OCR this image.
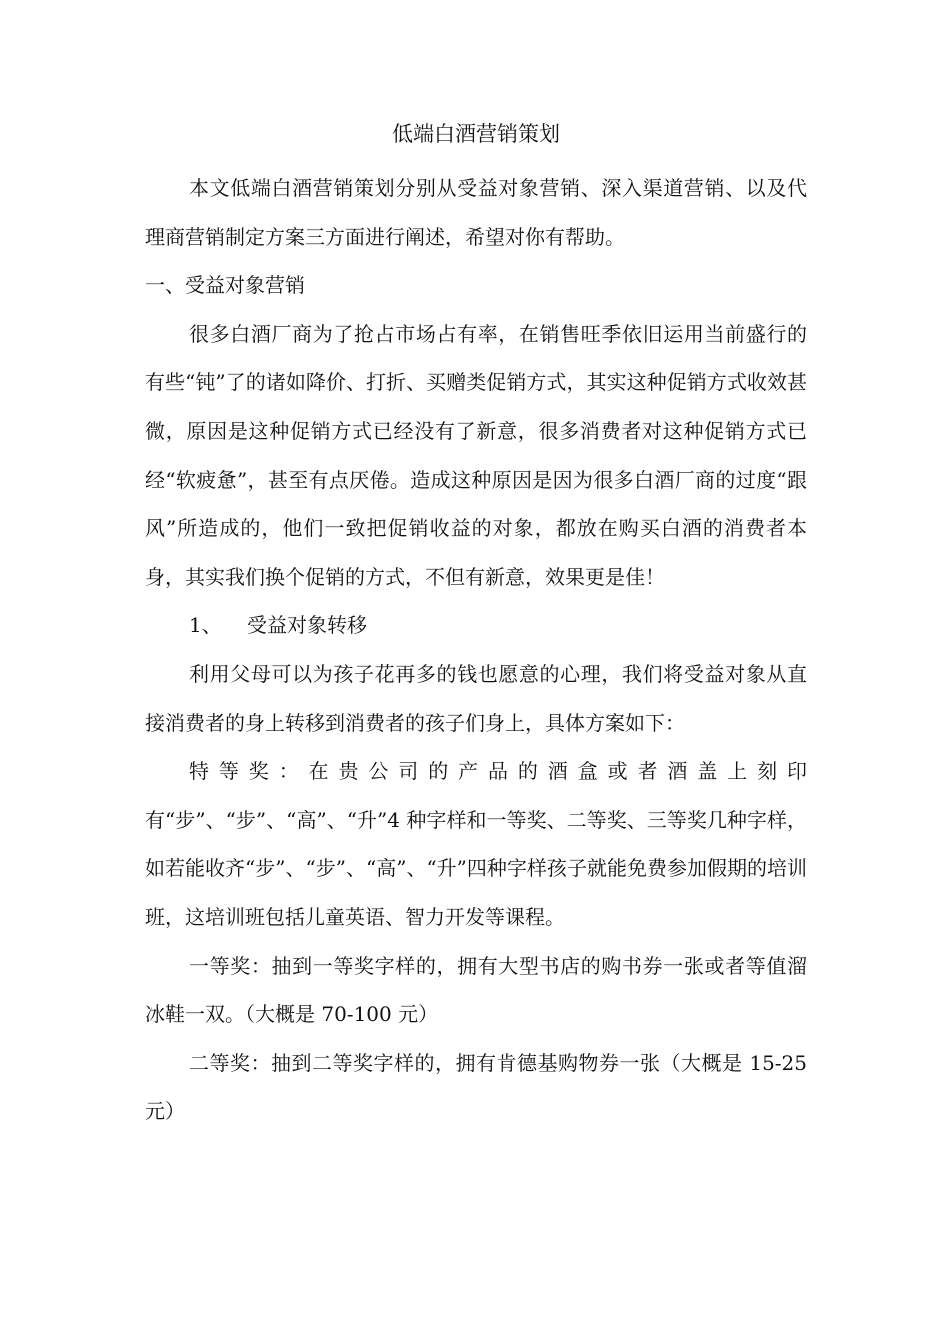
低端白酒营销策划

本文低端白酒营销策划分别从受益对象营销、深入渠道营销、以及代理商营销制定方案三方面进行阐述，希望对你有帮助。

一、受益对象营销

很多白酒厂商为了抢占市场占有率，在销售旺季依旧运用当前盛行的有些“钝”了的诸如降价、打折、买赠类促销方式，其实这种促销方式收效甚微，原因是这种促销方式已经没有了新意，很多消费者对这种促销方式已经“软疲惫”，甚至有点厌倦。造成这种原因是因为很多白酒厂商的过度“跟风”所造成的，他们一致把促销收益的对象，都放在购买白酒的消费者本身，其实我们换个促销的方式，不但有新意，效果更是佳！

1、	受益对象转移

利用父母可以为孩子花再多的钱也愿意的心理，我们将受益对象从直接消费者的身上转移到消费者的孩子们身上，具体方案如下：

特等奖：在贵公司的产品的酒盒或者酒盖上刻印有“步”、“步”、“高”、“升”4 种字样和一等奖、二等奖、三等奖几种字样，如若能收齐“步”、“步”、“高”、“升”四种字样孩子就能免费参加假期的培训班，这培训班包括儿童英语、智力开发等课程。

一等奖：抽到一等奖字样的，拥有大型书店的购书券一张或者等值溜冰鞋一双。（大概是 70-100 元）

二等奖：抽到二等奖字样的，拥有肯德基购物券一张（大概是 15-25 元）
